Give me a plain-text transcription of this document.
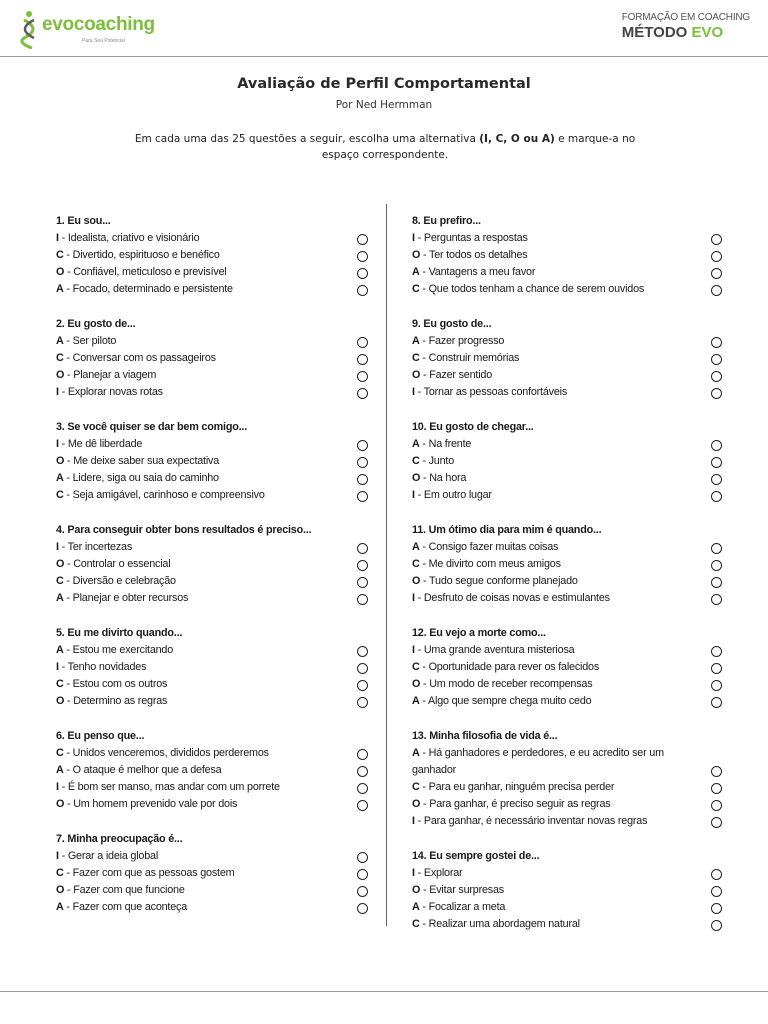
evocoaching
Para Seu Potencial
FORMAÇÃO EM COACHING
MÉTODO EVO
Avaliação de Perfil Comportamental
Por Ned Hermman
Em cada uma das 25 questões a seguir, escolha uma alternativa (I, C, O ou A) e marque-a no espaço correspondente.
1. Eu sou...
I - Idealista, criativo e visionário
C - Divertido, espirituoso e benéfico
O - Confiável, meticuloso e previsível
A - Focado, determinado e persistente
2. Eu gosto de...
A - Ser piloto
C - Conversar com os passageiros
O - Planejar a viagem
I - Explorar novas rotas
3. Se você quiser se dar bem comigo...
I - Me dê liberdade
O - Me deixe saber sua expectativa
A - Lidere, siga ou saia do caminho
C - Seja amigável, carinhoso e compreensivo
4. Para conseguir obter bons resultados é preciso...
I - Ter incertezas
O - Controlar o essencial
C - Diversão e celebração
A - Planejar e obter recursos
5. Eu me divirto quando...
A - Estou me exercitando
I - Tenho novidades
C - Estou com os outros
O - Determino as regras
6. Eu penso que...
C - Unidos venceremos, divididos perderemos
A - O ataque é melhor que a defesa
I - É bom ser manso, mas andar com um porrete
O - Um homem prevenido vale por dois
7. Minha preocupação é...
I - Gerar a ideia global
C - Fazer com que as pessoas gostem
O - Fazer com que funcione
A - Fazer com que aconteça
8. Eu prefiro...
I - Perguntas a respostas
O - Ter todos os detalhes
A - Vantagens a meu favor
C - Que todos tenham a chance de serem ouvidos
9. Eu gosto de...
A - Fazer progresso
C - Construir memórias
O - Fazer sentido
I - Tornar as pessoas confortáveis
10. Eu gosto de chegar...
A - Na frente
C - Junto
O - Na hora
I - Em outro lugar
11. Um ótimo dia para mim é quando...
A - Consigo fazer muitas coisas
C - Me divirto com meus amigos
O - Tudo segue conforme planejado
I - Desfruto de coisas novas e estimulantes
12. Eu vejo a morte como...
I - Uma grande aventura misteriosa
C - Oportunidade para rever os falecidos
O - Um modo de receber recompensas
A - Algo que sempre chega muito cedo
13. Minha filosofia de vida é...
A - Há ganhadores e perdedores, e eu acredito ser um ganhador
C - Para eu ganhar, ninguém precisa perder
O - Para ganhar, é preciso seguir as regras
I - Para ganhar, é necessário inventar novas regras
14. Eu sempre gostei de...
I - Explorar
O - Evitar surpresas
A - Focalizar a meta
C - Realizar uma abordagem natural
